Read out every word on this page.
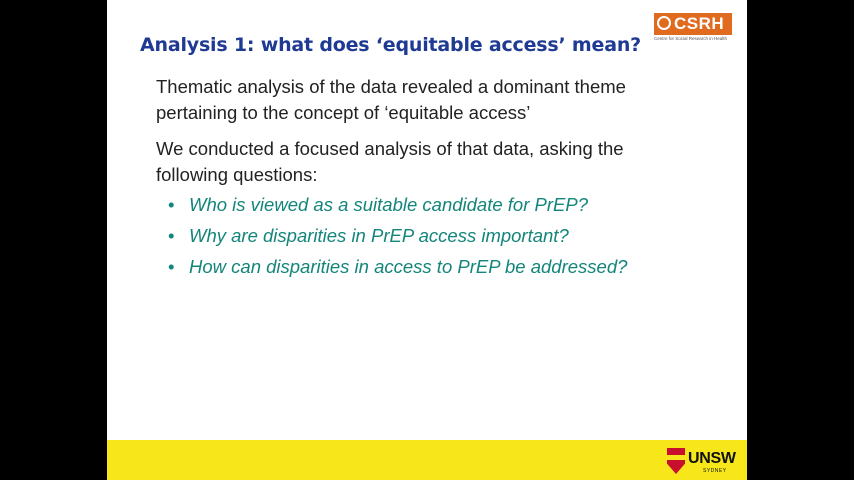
Analysis 1: what does ‘equitable access’ mean?
CSRH
Centre for Social Research in Health
Thematic analysis of the data revealed a dominant theme
pertaining to the concept of ‘equitable access’
We conducted a focused analysis of that data, asking the
following questions:
• Who is viewed as a suitable candidate for PrEP?
• Why are disparities in PrEP access important?
• How can disparities in access to PrEP be addressed?
UNSW
SYDNEY
